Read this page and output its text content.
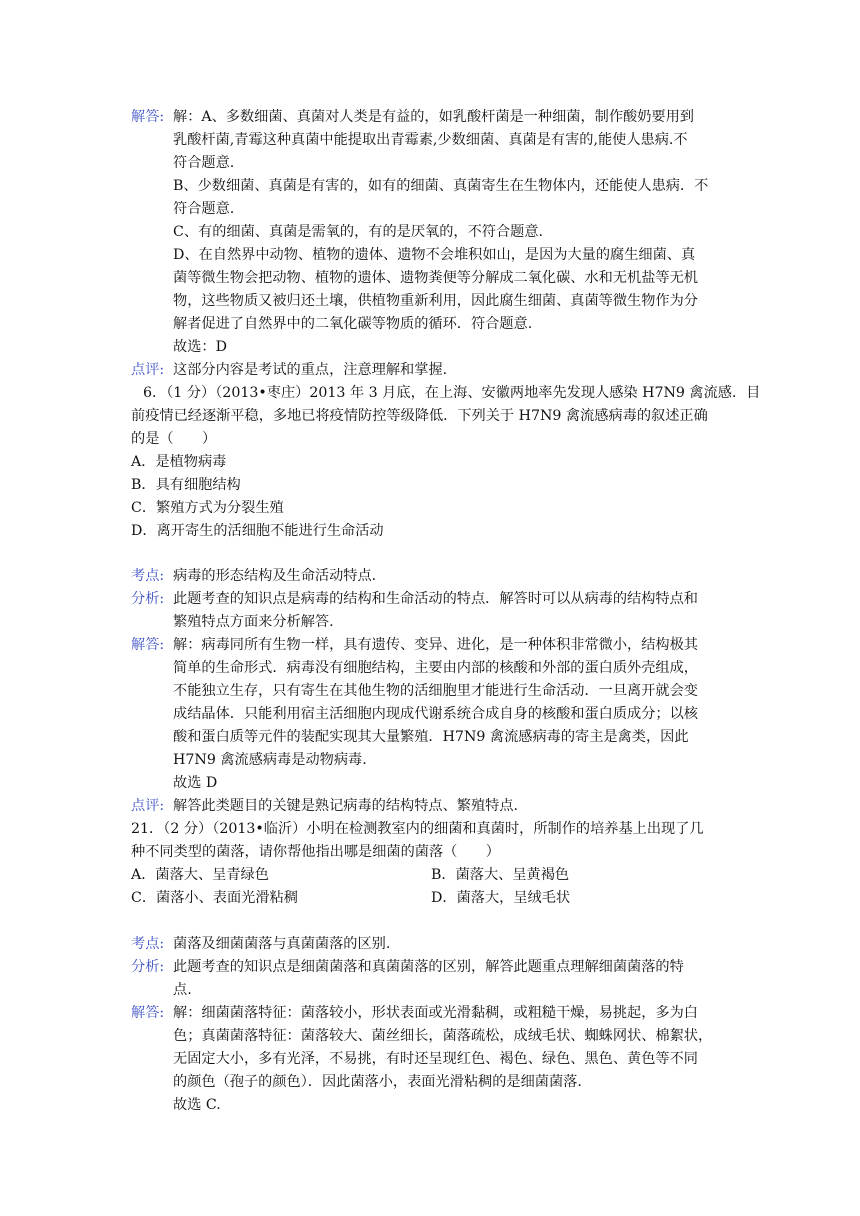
解答: 解：A、多数细菌、真菌对人类是有益的，如乳酸杆菌是一种细菌，制作酸奶要用到
乳酸杆菌,青霉这种真菌中能提取出青霉素,少数细菌、真菌是有害的,能使人患病.不
符合题意.
B、少数细菌、真菌是有害的，如有的细菌、真菌寄生在生物体内，还能使人患病．不
符合题意.
C、有的细菌、真菌是需氧的，有的是厌氧的，不符合题意.
D、在自然界中动物、植物的遗体、遗物不会堆积如山，是因为大量的腐生细菌、真
菌等微生物会把动物、植物的遗体、遗物粪便等分解成二氧化碳、水和无机盐等无机
物，这些物质又被归还土壤，供植物重新利用，因此腐生细菌、真菌等微生物作为分
解者促进了自然界中的二氧化碳等物质的循环．符合题意.
故选：D
点评: 这部分内容是考试的重点，注意理解和掌握.
6．（1 分）（2013•枣庄）2013 年 3 月底，在上海、安徽两地率先发现人感染 H7N9 禽流感．目
前疫情已经逐渐平稳，多地已将疫情防控等级降低．下列关于 H7N9 禽流感病毒的叙述正确
的是（　　）
A．是植物病毒
B．具有细胞结构
C．繁殖方式为分裂生殖
D．离开寄生的活细胞不能进行生命活动
考点: 病毒的形态结构及生命活动特点.
分析: 此题考查的知识点是病毒的结构和生命活动的特点．解答时可以从病毒的结构特点和
繁殖特点方面来分析解答.
解答: 解：病毒同所有生物一样，具有遗传、变异、进化，是一种体积非常微小，结构极其
简单的生命形式．病毒没有细胞结构，主要由内部的核酸和外部的蛋白质外壳组成，
不能独立生存，只有寄生在其他生物的活细胞里才能进行生命活动．一旦离开就会变
成结晶体．只能利用宿主活细胞内现成代谢系统合成自身的核酸和蛋白质成分；以核
酸和蛋白质等元件的装配实现其大量繁殖．H7N9 禽流感病毒的寄主是禽类，因此
H7N9 禽流感病毒是动物病毒.
故选 D
点评: 解答此类题目的关键是熟记病毒的结构特点、繁殖特点.
21．（2 分）（2013•临沂）小明在检测教室内的细菌和真菌时，所制作的培养基上出现了几
种不同类型的菌落，请你帮他指出哪是细菌的菌落（　　）
A．菌落大、呈青绿色	B．菌落大、呈黄褐色
C．菌落小、表面光滑粘稠	D．菌落大，呈绒毛状
考点: 菌落及细菌菌落与真菌菌落的区别.
分析: 此题考查的知识点是细菌菌落和真菌菌落的区别，解答此题重点理解细菌菌落的特
点.
解答: 解：细菌菌落特征：菌落较小，形状表面或光滑黏稠，或粗糙干燥，易挑起，多为白
色；真菌菌落特征：菌落较大、菌丝细长，菌落疏松，成绒毛状、蜘蛛网状、棉絮状，
无固定大小，多有光泽，不易挑，有时还呈现红色、褐色、绿色、黑色、黄色等不同
的颜色（孢子的颜色）．因此菌落小，表面光滑粘稠的是细菌菌落.
故选 C.
